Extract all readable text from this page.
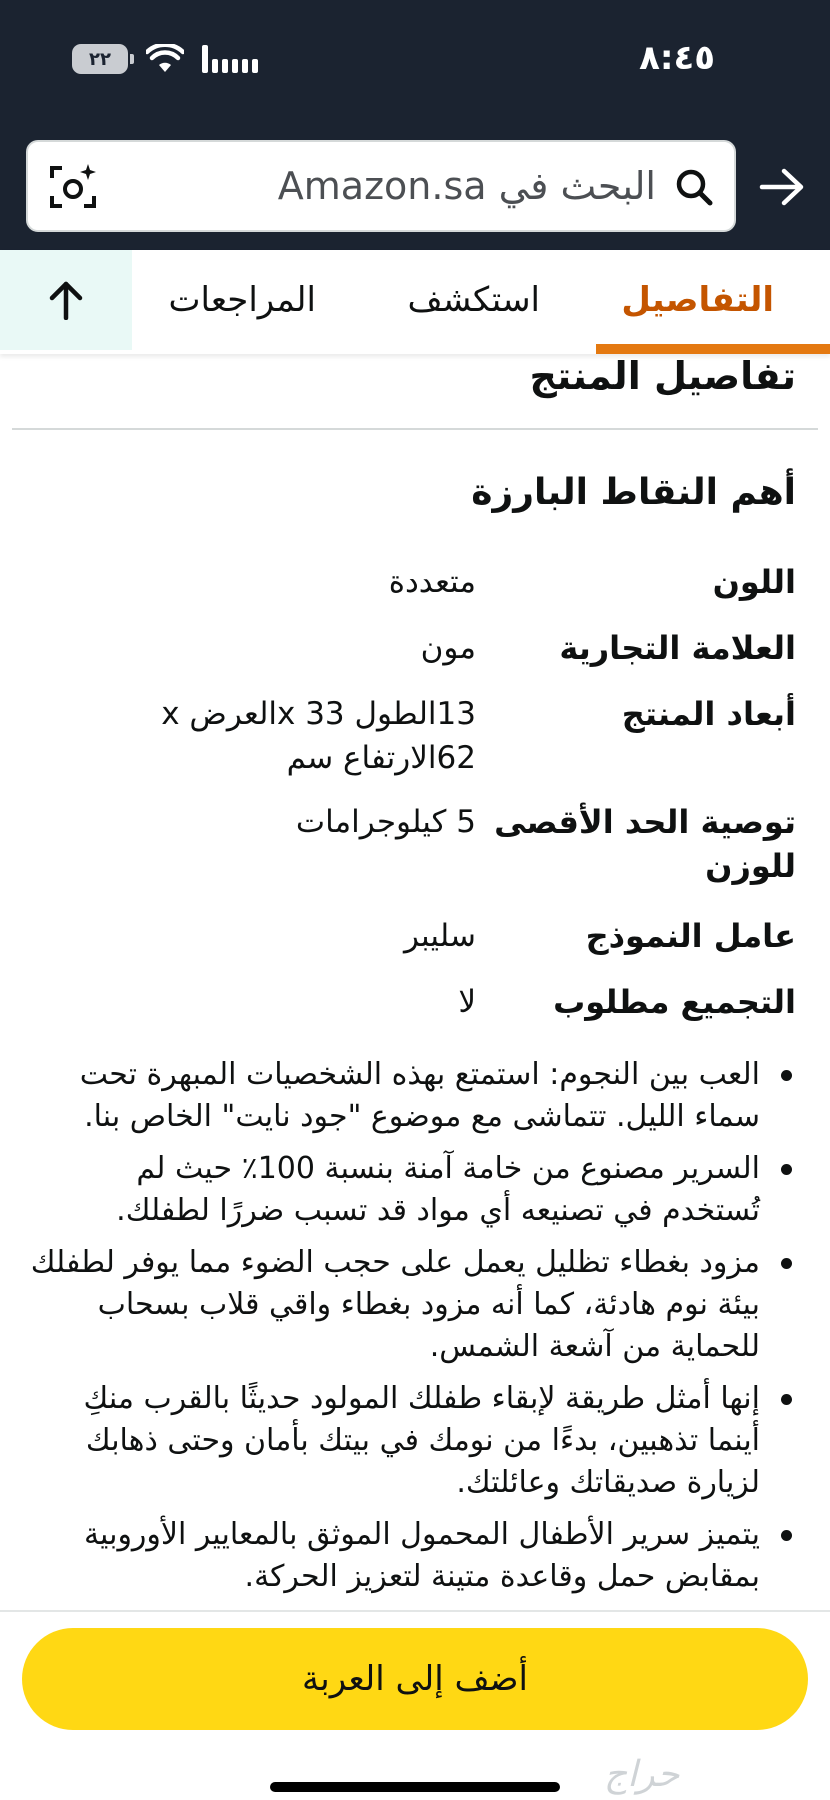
٨:٤٥
٢٢
البحث في Amazon.sa
التفاصيل
استكشف
المراجعات
تفاصيل المنتج
أهم النقاط البارزة
اللون
متعددة
العلامة التجارية
مون
أبعاد المنتج
13الطول x 33العرض x 62الارتفاع سم
توصية الحد الأقصى للوزن
5 كيلوجرامات
عامل النموذج
سليبر
التجميع مطلوب
لا
العب بين النجوم: استمتع بهذه الشخصيات المبهرة تحت سماء الليل. تتماشى مع موضوع "جود نايت" الخاص بنا.
السرير مصنوع من خامة آمنة بنسبة 100٪ حيث لم تُستخدم في تصنيعه أي مواد قد تسبب ضررًا لطفلك.
مزود بغطاء تظليل يعمل على حجب الضوء مما يوفر لطفلك بيئة نوم هادئة، كما أنه مزود بغطاء واقي قلاب بسحاب للحماية من آشعة الشمس.
إنها أمثل طريقة لإبقاء طفلك المولود حديثًا بالقرب منكِ أينما تذهبين، بدءًا من نومك في بيتك بأمان وحتى ذهابك لزيارة صديقاتك وعائلتك.
يتميز سرير الأطفال المحمول الموثق بالمعايير الأوروبية بمقابض حمل وقاعدة متينة لتعزيز الحركة.
أضف إلى العربة
حراج
